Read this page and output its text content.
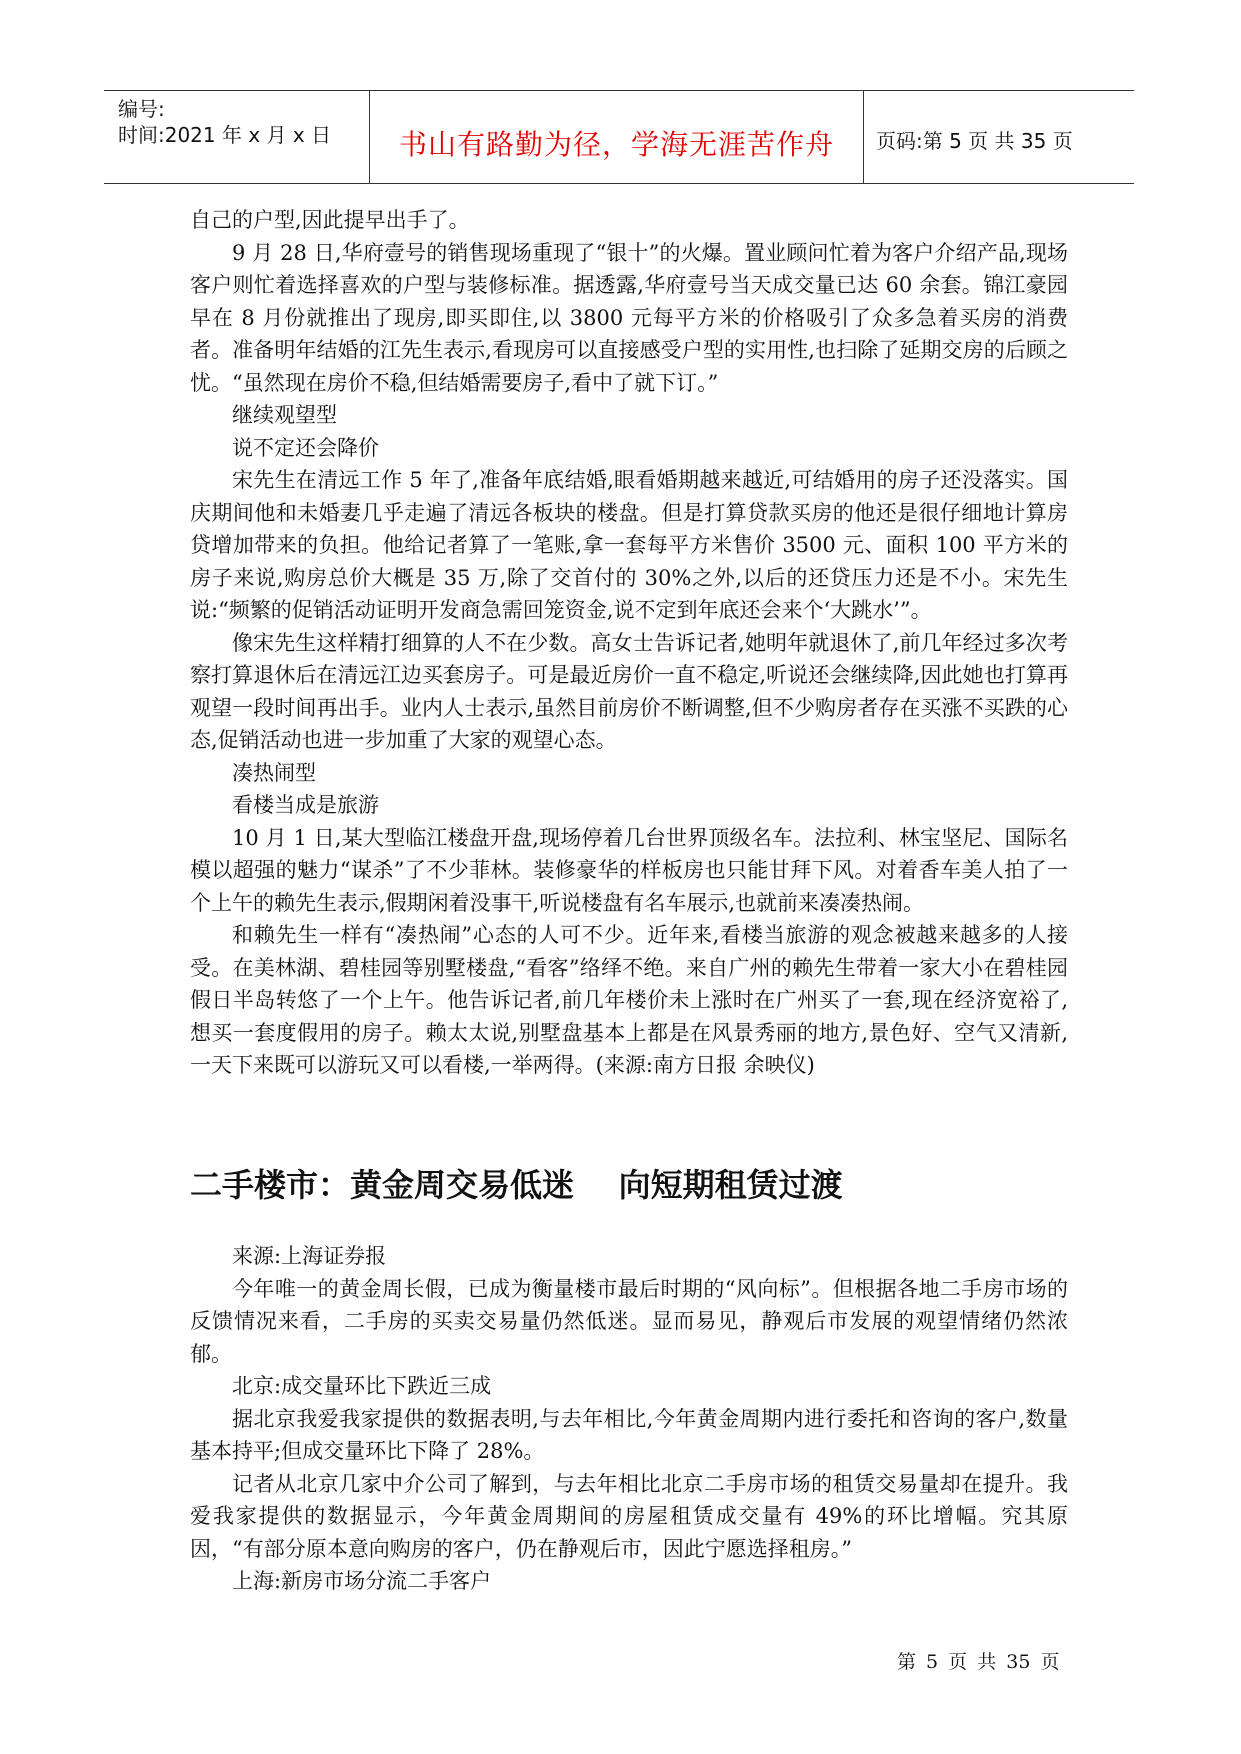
编号:
时间:2021 年 x 月 x 日	书山有路勤为径，学海无涯苦作舟	页码:第 5 页 共 35 页

自己的户型,因此提早出手了。

9 月 28 日,华府壹号的销售现场重现了“银十”的火爆。置业顾问忙着为客户介绍产品,现场客户则忙着选择喜欢的户型与装修标准。据透露,华府壹号当天成交量已达 60 余套。锦江豪园早在 8 月份就推出了现房,即买即住,以 3800 元每平方米的价格吸引了众多急着买房的消费者。准备明年结婚的江先生表示,看现房可以直接感受户型的实用性,也扫除了延期交房的后顾之忧。“虽然现在房价不稳,但结婚需要房子,看中了就下订。”

继续观望型

说不定还会降价

宋先生在清远工作 5 年了,准备年底结婚,眼看婚期越来越近,可结婚用的房子还没落实。国庆期间他和未婚妻几乎走遍了清远各板块的楼盘。但是打算贷款买房的他还是很仔细地计算房贷增加带来的负担。他给记者算了一笔账,拿一套每平方米售价 3500 元、面积 100 平方米的房子来说,购房总价大概是 35 万,除了交首付的 30%之外,以后的还贷压力还是不小。宋先生说:“频繁的促销活动证明开发商急需回笼资金,说不定到年底还会来个‘大跳水’”。

像宋先生这样精打细算的人不在少数。高女士告诉记者,她明年就退休了,前几年经过多次考察打算退休后在清远江边买套房子。可是最近房价一直不稳定,听说还会继续降,因此她也打算再观望一段时间再出手。业内人士表示,虽然目前房价不断调整,但不少购房者存在买涨不买跌的心态,促销活动也进一步加重了大家的观望心态。

凑热闹型

看楼当成是旅游

10 月 1 日,某大型临江楼盘开盘,现场停着几台世界顶级名车。法拉利、林宝坚尼、国际名模以超强的魅力“谋杀”了不少菲林。装修豪华的样板房也只能甘拜下风。对着香车美人拍了一个上午的赖先生表示,假期闲着没事干,听说楼盘有名车展示,也就前来凑凑热闹。

和赖先生一样有“凑热闹”心态的人可不少。近年来,看楼当旅游的观念被越来越多的人接受。在美林湖、碧桂园等别墅楼盘,“看客”络绎不绝。来自广州的赖先生带着一家大小在碧桂园假日半岛转悠了一个上午。他告诉记者,前几年楼价未上涨时在广州买了一套,现在经济宽裕了,想买一套度假用的房子。赖太太说,别墅盘基本上都是在风景秀丽的地方,景色好、空气又清新,一天下来既可以游玩又可以看楼,一举两得。(来源:南方日报 余映仪)

二手楼市：黄金周交易低迷    向短期租赁过渡

来源:上海证券报

今年唯一的黄金周长假，已成为衡量楼市最后时期的“风向标”。但根据各地二手房市场的反馈情况来看，二手房的买卖交易量仍然低迷。显而易见，静观后市发展的观望情绪仍然浓郁。

北京:成交量环比下跌近三成

据北京我爱我家提供的数据表明,与去年相比,今年黄金周期内进行委托和咨询的客户,数量基本持平;但成交量环比下降了 28%。

记者从北京几家中介公司了解到，与去年相比北京二手房市场的租赁交易量却在提升。我爱我家提供的数据显示，今年黄金周期间的房屋租赁成交量有 49%的环比增幅。究其原因，“有部分原本意向购房的客户，仍在静观后市，因此宁愿选择租房。”

上海:新房市场分流二手客户

第 5 页 共 35 页
